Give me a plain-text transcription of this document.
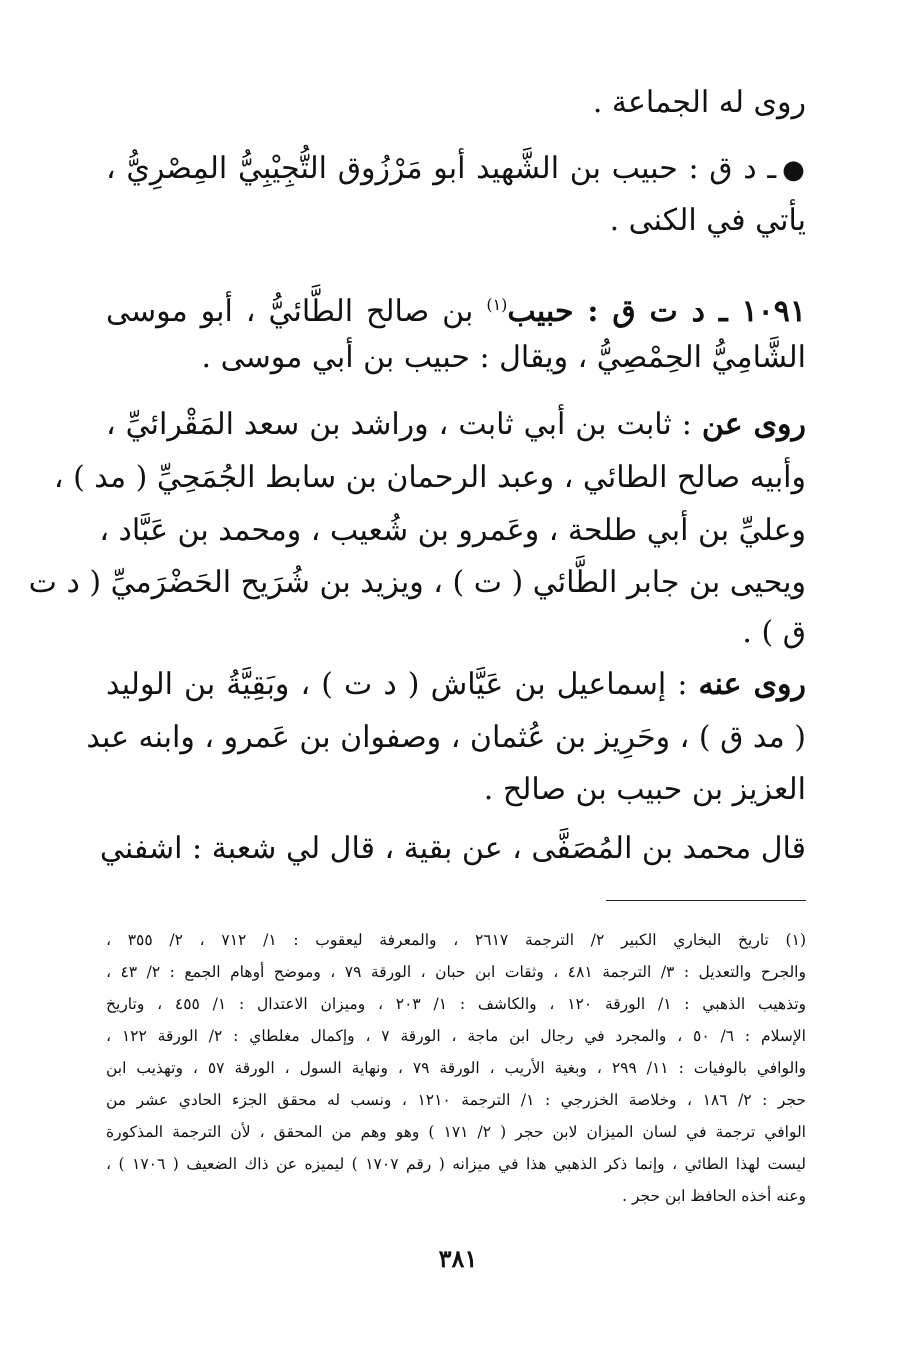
روى له الجماعة .
●ـ د ق : حبيب بن الشَّهيد أبو مَرْزُوق التُّجِيْبِيُّ المِصْرِيُّ ،
يأتي في الكنى .
١٠٩١ ـ د ت ق : حبيب$^{(١)}$ بن صالح الطَّائيُّ ، أبو موسى
الشَّامِيُّ الحِمْصِيُّ ، ويقال : حبيب بن أبي موسى .
روى عن : ثابت بن أبي ثابت ، وراشد بن سعد المَقْرائيِّ ،
وأبيه صالح الطائي ، وعبد الرحمان بن سابط الجُمَحِيِّ ( مد ) ،
وعليِّ بن أبي طلحة ، وعَمرو بن شُعيب ، ومحمد بن عَبَّاد ،
ويحيى بن جابر الطَّائي ( ت ) ، ويزيد بن شُرَيح الحَضْرَميِّ ( د ت
ق ) .
روى عنه : إسماعيل بن عَيَّاش ( د ت ) ، وبَقِيَّةُ بن الوليد
( مد ق ) ، وحَرِيز بن عُثمان ، وصفوان بن عَمرو ، وابنه عبد
العزيز بن حبيب بن صالح .
قال محمد بن المُصَفَّى ، عن بقية ، قال لي شعبة : اشفني
(١) تاريخ البخاري الكبير ٢/ الترجمة ٢٦١٧ ، والمعرفة ليعقوب : ١/ ٧١٢ ، ٢/ ٣٥٥ ،
والجرح والتعديل : ٣/ الترجمة ٤٨١ ، وثقات ابن حبان ، الورقة ٧٩ ، وموضح أوهام الجمع : ٢/ ٤٣ ،
وتذهيب الذهبي : ١/ الورقة ١٢٠ ، والكاشف : ١/ ٢٠٣ ، وميزان الاعتدال : ١/ ٤٥٥ ، وتاريخ
الإسلام : ٦/ ٥٠ ، والمجرد في رجال ابن ماجة ، الورقة ٧ ، وإكمال مغلطاي : ٢/ الورقة ١٢٢ ،
والوافي بالوفيات : ١١/ ٢٩٩ ، وبغية الأريب ، الورقة ٧٩ ، ونهاية السول ، الورقة ٥٧ ، وتهذيب ابن
حجر : ٢/ ١٨٦ ، وخلاصة الخزرجي : ١/ الترجمة ١٢١٠ ، ونسب له محقق الجزء الحادي عشر من
الوافي ترجمة في لسان الميزان لابن حجر ( ٢/ ١٧١ ) وهو وهم من المحقق ، لأن الترجمة المذكورة
ليست لهذا الطائي ، وإنما ذكر الذهبي هذا في ميزانه ( رقم ١٧٠٧ ) ليميزه عن ذاك الضعيف ( ١٧٠٦ ) ،
وعنه أخذه الحافظ ابن حجر .
٣٨١
